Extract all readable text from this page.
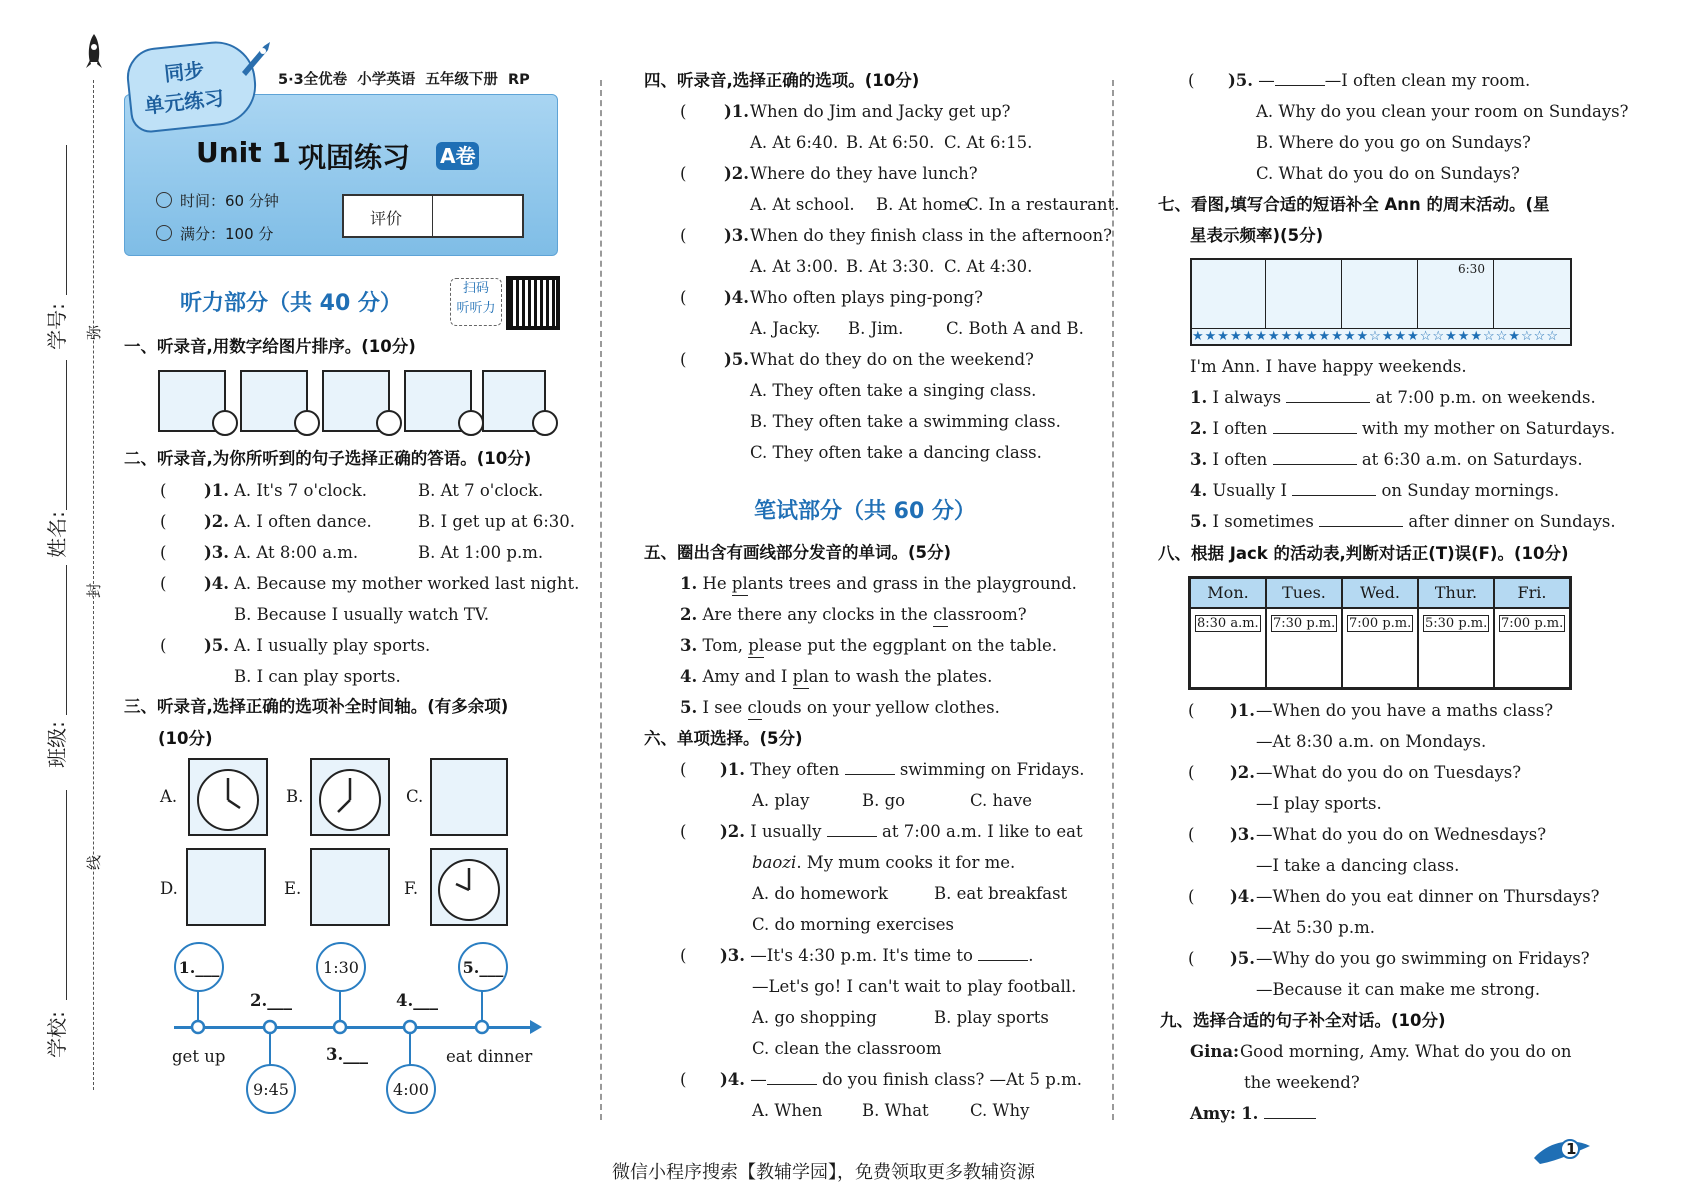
弥
封
线
学号:
姓名:
班级:
学校:
同步
单元练习
5·3全优卷  小学英语  五年级下册  RP
Unit 1 巩固练习 A卷
时间：60 分钟
满分：100 分
评价
扫码
听听力
听力部分（共 40 分）
一、听录音,用数字给图片排序。(10分)
二、听录音,为你所听到的句子选择正确的答语。(10分)
( )1. A. It's 7 o'clock.	B. At 7 o'clock.
( )2. A. I often dance.	B. I get up at 6:30.
( )3. A. At 8:00 a.m.	B. At 1:00 p.m.
( )4. A. Because my mother worked last night.
B. Because I usually watch TV.
( )5. A. I usually play sports.
B. I can play sports.
三、听录音,选择正确的选项补全时间轴。(有多余项)
(10分)
A.	B.	C.
D.	E.	F.
1.___	1:30	5.___
9:45	4:00
2.___	4.___
3.___
get up	eat dinner
四、听录音,选择正确的选项。(10分)
( )1. When do Jim and Jacky get up?
A. At 6:40. B. At 6:50. C. At 6:15.
( )2. Where do they have lunch?
A. At school. B. At home.
C. In a restaurant.
( )3. When do they finish class in the afternoon?
A. At 3:00. B. At 3:30. C. At 4:30.
( )4. Who often plays ping-pong?
A. Jacky. B. Jim.	C. Both A and B.
( )5. What do they do on the weekend?
A. They often take a singing class.
B. They often take a swimming class.
C. They often take a dancing class.
笔试部分（共 60 分）
五、圈出含有画线部分发音的单词。(5分)
1. He plants trees and grass in the playground.
2. Are there any clocks in the classroom?
3. Tom, please put the eggplant on the table.
4. Amy and I plan to wash the plates.
5. I see clouds on your yellow clothes.
六、单项选择。(5分)
( )1. They often	swimming on Fridays.
A. play	B. go	C. have
( )2. I usually	at 7:00 a.m. I like to eat
baozi. My mum cooks it for me.
A. do homework	B. eat breakfast
C. do morning exercises
( )3. —It's 4:30 p.m. It's time to	.
—Let's go! I can't wait to play football.
A. go shopping	B. play sports
C. clean the classroom
( )4. —	do you finish class? —At 5 p.m.
A. When B. What	C. Why
( )5. —	—I often clean my room.
A. Why do you clean your room on Sundays?
B. Where do you go on Sundays?
C. What do you do on Sundays?
七、看图,填写合适的短语补全 Ann 的周末活动。(星
星表示频率)(5分)
6:30
★★★★★★★★★★★★★★☆★★★☆☆★★★☆☆★☆☆☆
I'm Ann. I have happy weekends.
1. I always	at 7:00 p.m. on weekends.
2. I often	with my mother on Saturdays.
3. I often	at 6:30 a.m. on Saturdays.
4. Usually I	on Sunday mornings.
5. I sometimes	after dinner on Sundays.
八、根据 Jack 的活动表,判断对话正(T)误(F)。(10分)
Mon.	Tues.	Wed.	Thur.	Fri.
8:30 a.m. 7:30 p.m. 7:00 p.m. 5:30 p.m. 7:00 p.m.
( )1. —When do you have a maths class?
—At 8:30 a.m. on Mondays.
( )2. —What do you do on Tuesdays?
—I play sports.
( )3. —What do you do on Wednesdays?
—I take a dancing class.
( )4. —When do you eat dinner on Thursdays?
—At 5:30 p.m.
( )5. —Why do you go swimming on Fridays?
—Because it can make me strong.
九、选择合适的句子补全对话。(10分)
Gina: Good morning, Amy. What do you do on
the weekend?
Amy: 1.
微信小程序搜索【教辅学园】，免费领取更多教辅资源
1
